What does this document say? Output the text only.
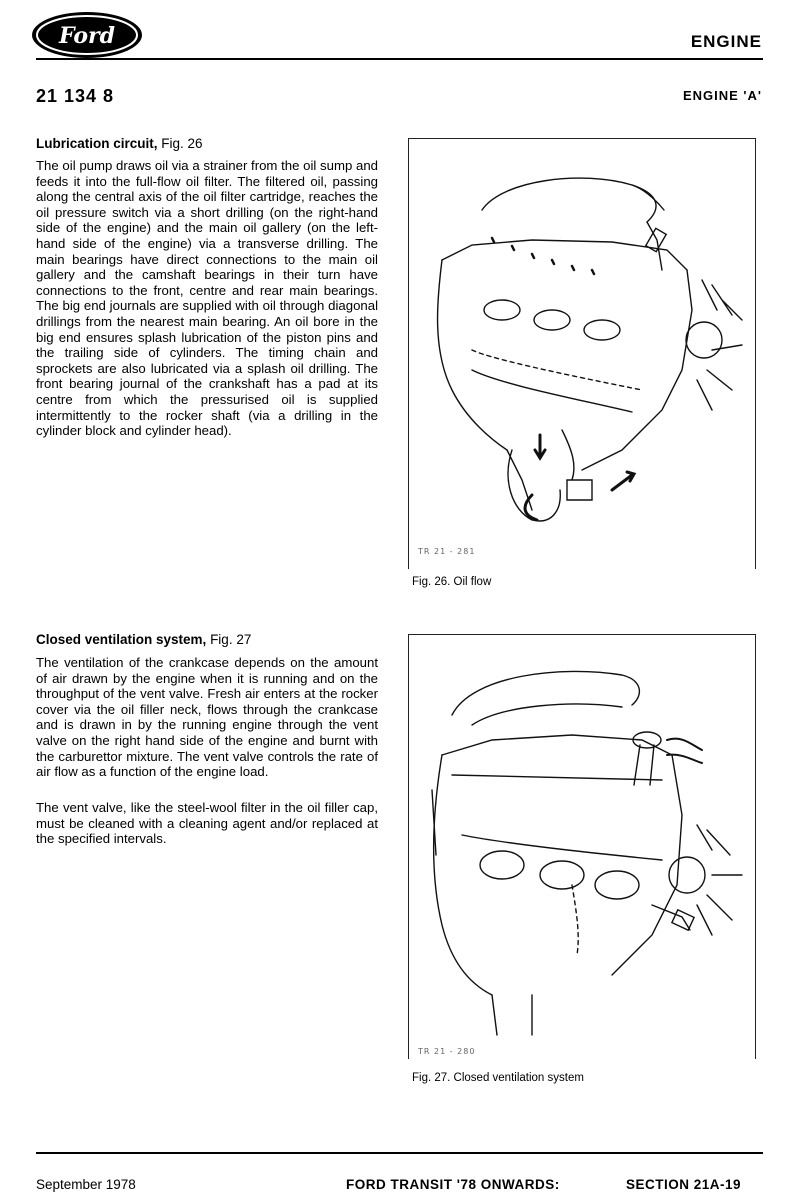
Ford	ENGINE
21 134 8	ENGINE 'A'
Lubrication circuit, Fig. 26
The oil pump draws oil via a strainer from the oil sump and feeds it into the full-flow oil filter. The filtered oil, passing along the central axis of the oil filter cartridge, reaches the oil pressure switch via a short drilling (on the right-hand side of the engine) and the main oil gallery (on the left-hand side of the engine) via a transverse drilling. The main bearings have direct connections to the main oil gallery and the camshaft bearings in their turn have connections to the front, centre and rear main bearings. The big end journals are supplied with oil through diagonal drillings from the nearest main bearing. An oil bore in the big end ensures splash lubrication of the piston pins and the trailing side of cylinders. The timing chain and sprockets are also lubricated via a splash oil drilling. The front bearing journal of the crankshaft has a pad at its centre from which the pressurised oil is supplied intermittently to the rocker shaft (via a drilling in the cylinder block and cylinder head).
TR 21 - 281
Fig. 26. Oil flow
Closed ventilation system, Fig. 27
The ventilation of the crankcase depends on the amount of air drawn by the engine when it is running and on the throughput of the vent valve. Fresh air enters at the rocker cover via the oil filler neck, flows through the crankcase and is drawn in by the running engine through the vent valve on the right hand side of the engine and burnt with the carburettor mixture. The vent valve controls the rate of air flow as a function of the engine load.
The vent valve, like the steel-wool filter in the oil filler cap, must be cleaned with a cleaning agent and/or replaced at the specified intervals.
TR 21 - 280
Fig. 27. Closed ventilation system
September 1978	FORD TRANSIT '78 ONWARDS:	SECTION 21A-19
